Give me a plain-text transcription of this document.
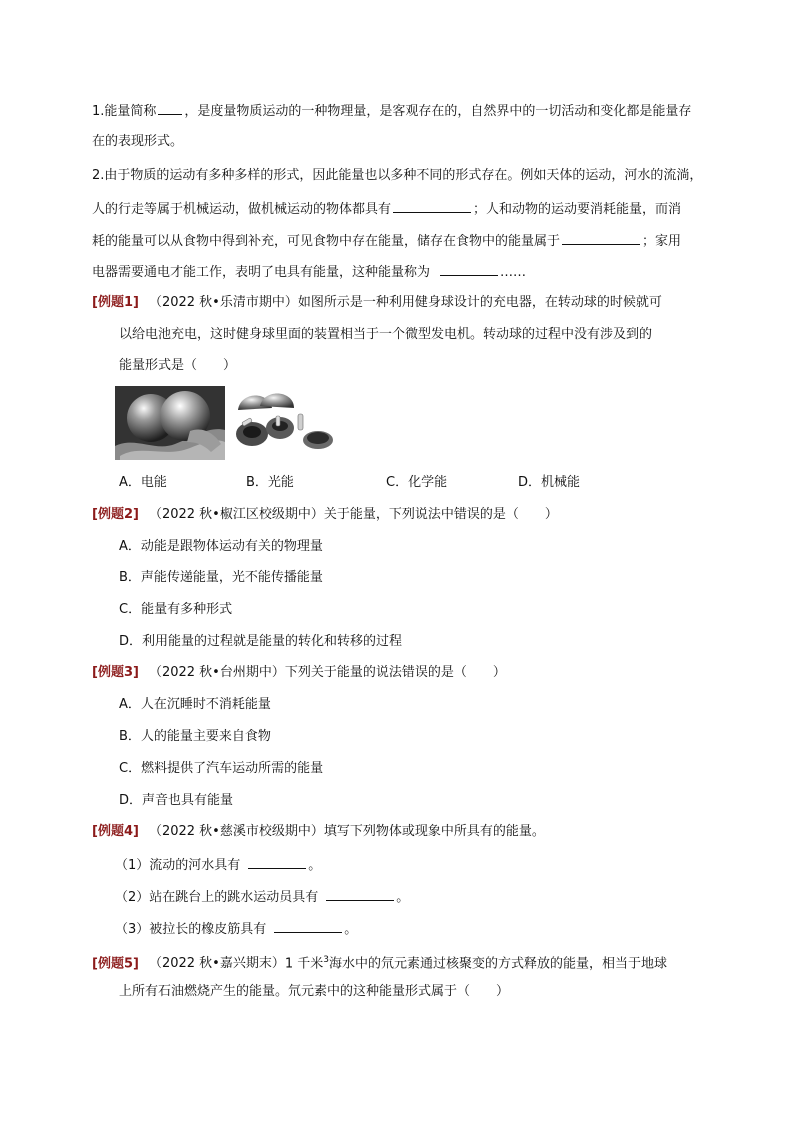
1.能量简称 ，是度量物质运动的一种物理量，是客观存在的，自然界中的一切活动和变化都是能量存
在的表现形式。
2.由于物质的运动有多种多样的形式，因此能量也以多种不同的形式存在。例如天体的运动，河水的流淌，
人的行走等属于机械运动，做机械运动的物体都具有	；人和动物的运动要消耗能量，而消
耗的能量可以从食物中得到补充，可见食物中存在能量，储存在食物中的能量属于	；家用
电器需要通电才能工作，表明了电具有能量，这种能量称为	……
[例题1] （2022 秋•乐清市期中）如图所示是一种利用健身球设计的充电器，在转动球的时候就可
以给电池充电，这时健身球里面的装置相当于一个微型发电机。转动球的过程中没有涉及到的
能量形式是（　　）
A．电能	B．光能	C．化学能	D．机械能
[例题2] （2022 秋•椒江区校级期中）关于能量，下列说法中错误的是（　　）
A．动能是跟物体运动有关的物理量
B．声能传递能量，光不能传播能量
C．能量有多种形式
D．利用能量的过程就是能量的转化和转移的过程
[例题3] （2022 秋•台州期中）下列关于能量的说法错误的是（　　）
A．人在沉睡时不消耗能量
B．人的能量主要来自食物
C．燃料提供了汽车运动所需的能量
D．声音也具有能量
[例题4] （2022 秋•慈溪市校级期中）填写下列物体或现象中所具有的能量。
（1）流动的河水具有	。
（2）站在跳台上的跳水运动员具有	。
（3）被拉长的橡皮筋具有	。
[例题5] （2022 秋•嘉兴期末）1 千米$^3$海水中的氘元素通过核聚变的方式释放的能量，相当于地球
上所有石油燃烧产生的能量。氘元素中的这种能量形式属于（　　）
